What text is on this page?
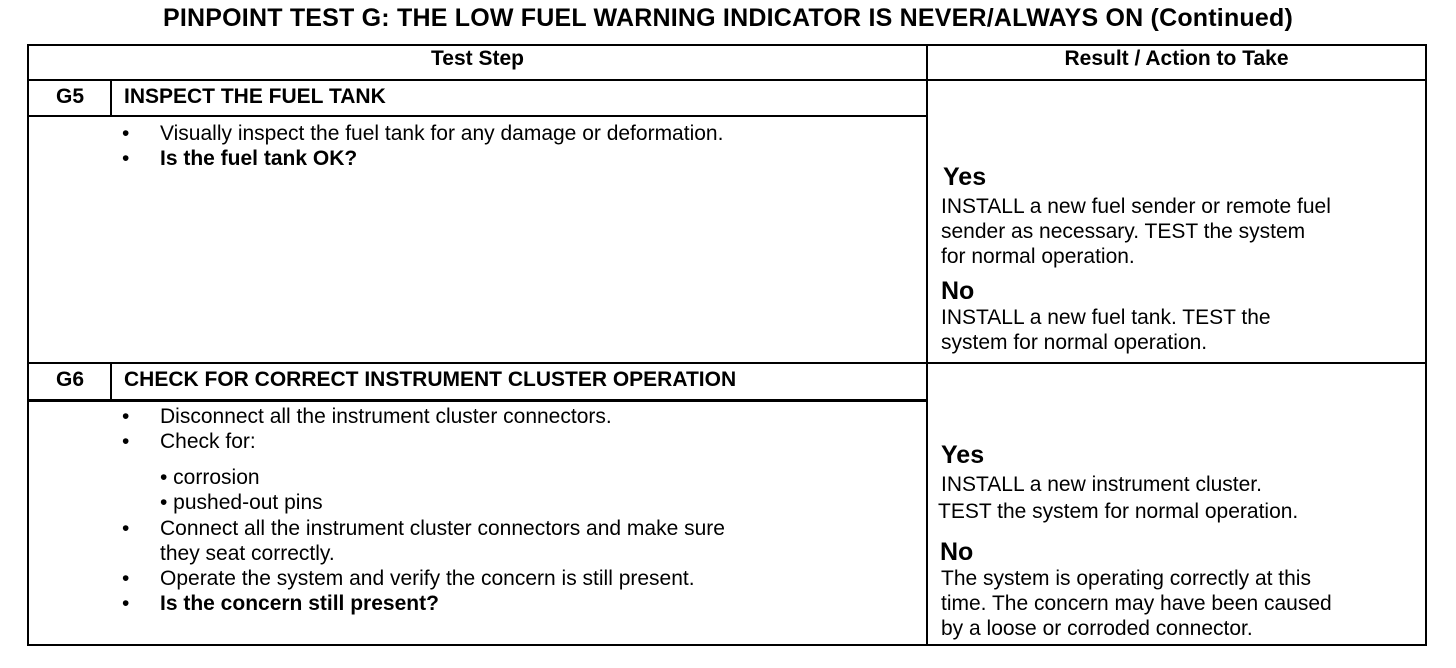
PINPOINT TEST G: THE LOW FUEL WARNING INDICATOR IS NEVER/ALWAYS ON (Continued)
Test Step	Result / Action to Take
G5	INSPECT THE FUEL TANK
• Visually inspect the fuel tank for any damage or deformation.
• Is the fuel tank OK?
Yes
INSTALL a new fuel sender or remote fuel
sender as necessary. TEST the system
for normal operation.
No
INSTALL a new fuel tank. TEST the
system for normal operation.
G6	CHECK FOR CORRECT INSTRUMENT CLUSTER OPERATION
• Disconnect all the instrument cluster connectors.
• Check for:
• corrosion
• pushed-out pins
• Connect all the instrument cluster connectors and make sure
they seat correctly.
• Operate the system and verify the concern is still present.
• Is the concern still present?
Yes
INSTALL a new instrument cluster.
TEST the system for normal operation.
No
The system is operating correctly at this
time. The concern may have been caused
by a loose or corroded connector.
